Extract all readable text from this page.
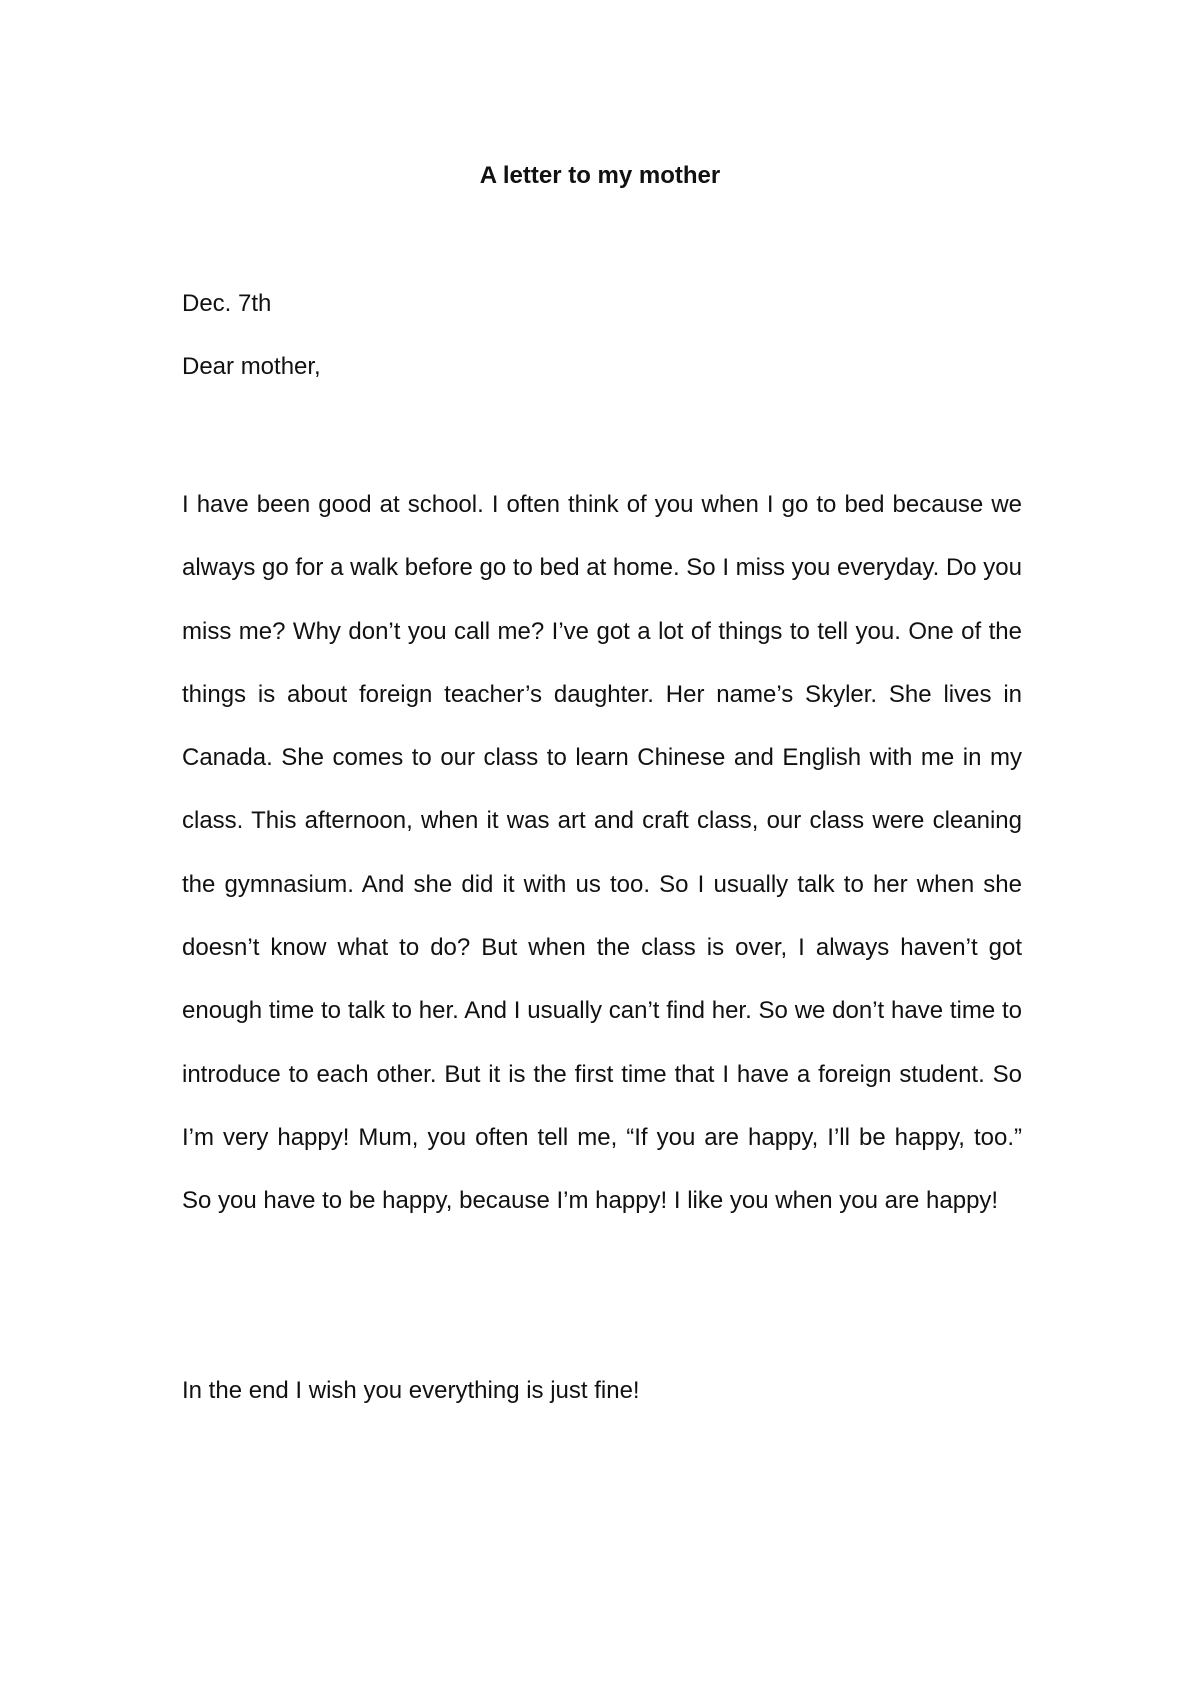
A letter to my mother
Dec. 7th
Dear mother,
I have been good at school. I often think of you when I go to bed because we always go for a walk before go to bed at home. So I miss you everyday. Do you miss me? Why don’t you call me? I’ve got a lot of things to tell you. One of the things is about foreign teacher’s daughter. Her name’s Skyler. She lives in Canada. She comes to our class to learn Chinese and English with me in my class. This afternoon, when it was art and craft class, our class were cleaning the gymnasium. And she did it with us too. So I usually talk to her when she doesn’t know what to do? But when the class is over, I always haven’t got enough time to talk to her. And I usually can’t find her. So we don’t have time to introduce to each other. But it is the first time that I have a foreign student. So I’m very happy! Mum, you often tell me, “If you are happy, I’ll be happy, too.” So you have to be happy, because I’m happy! I like you when you are happy!
In the end I wish you everything is just fine!
